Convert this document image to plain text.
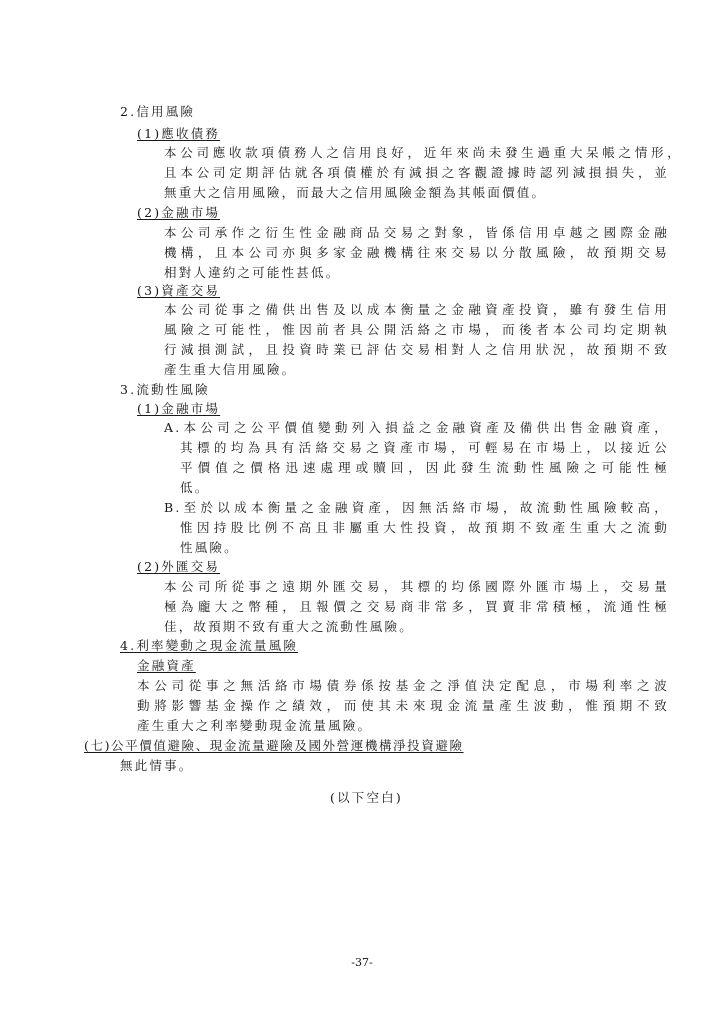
2.信用風險
(1)應收債務
本公司應收款項債務人之信用良好，近年來尚未發生過重大呆帳之情形，
且本公司定期評估就各項債權於有減損之客觀證據時認列減損損失，並
無重大之信用風險，而最大之信用風險金額為其帳面價值。
(2)金融市場
本公司承作之衍生性金融商品交易之對象，皆係信用卓越之國際金融
機構，且本公司亦與多家金融機構往來交易以分散風險，故預期交易
相對人違約之可能性甚低。
(3)資產交易
本公司從事之備供出售及以成本衡量之金融資產投資，雖有發生信用
風險之可能性，惟因前者具公開活絡之市場，而後者本公司均定期執
行減損測試，且投資時業已評估交易相對人之信用狀況，故預期不致
產生重大信用風險。
3.流動性風險
(1)金融市場
A.本公司之公平價值變動列入損益之金融資產及備供出售金融資產，
其標的均為具有活絡交易之資產市場，可輕易在市場上，以接近公
平價值之價格迅速處理或贖回，因此發生流動性風險之可能性極
低。
B.至於以成本衡量之金融資產，因無活絡市場，故流動性風險較高，
惟因持股比例不高且非屬重大性投資，故預期不致產生重大之流動
性風險。
(2)外匯交易
本公司所從事之遠期外匯交易，其標的均係國際外匯市場上，交易量
極為龐大之幣種，且報價之交易商非常多，買賣非常積極，流通性極
佳，故預期不致有重大之流動性風險。
4.利率變動之現金流量風險
金融資產
本公司從事之無活絡市場債券係按基金之淨值決定配息，市場利率之波
動將影響基金操作之績效，而使其未來現金流量產生波動，惟預期不致
產生重大之利率變動現金流量風險。
(七)公平價值避險、現金流量避險及國外營運機構淨投資避險
無此情事。
(以下空白)
-37-
